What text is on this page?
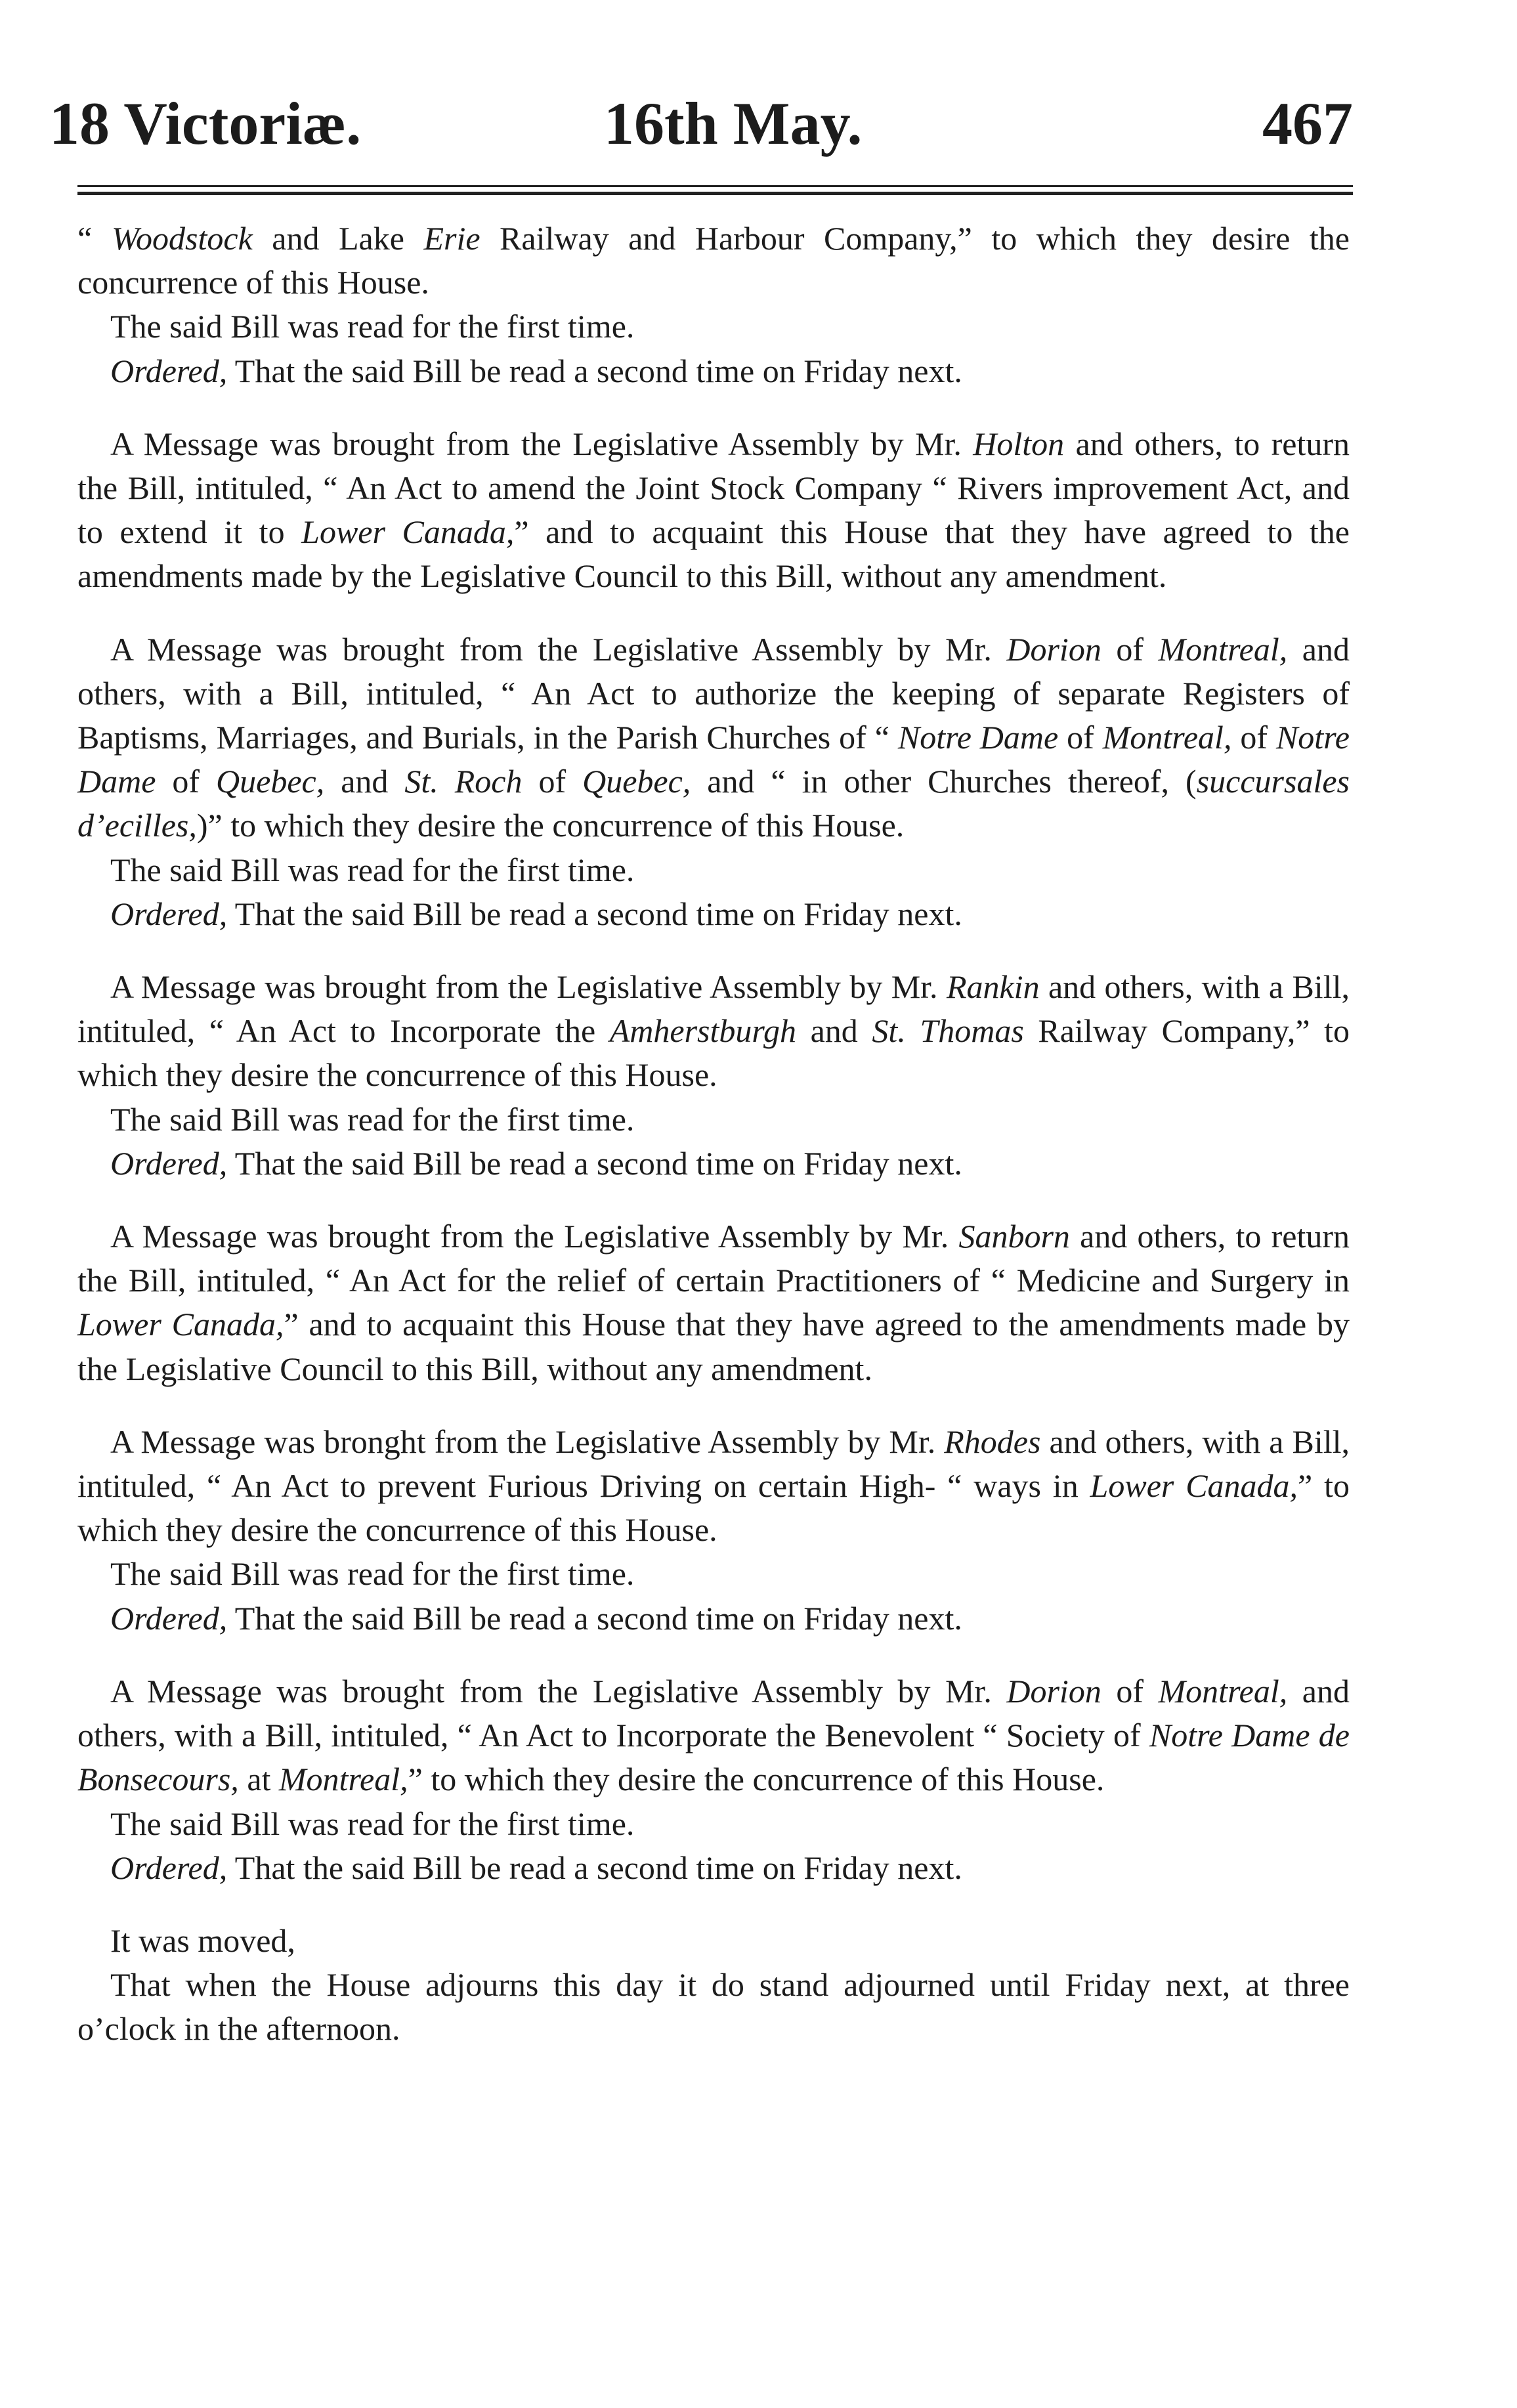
18 Victoriæ.	16th May.	467

“ Woodstock and Lake Erie Railway and Harbour Company,” to which they desire the concurrence of this House.

The said Bill was read for the first time.

Ordered, That the said Bill be read a second time on Friday next.

A Message was brought from the Legislative Assembly by Mr. Holton and others, to return the Bill, intituled, “ An Act to amend the Joint Stock Company “ Rivers improvement Act, and to extend it to Lower Canada,” and to acquaint this House that they have agreed to the amendments made by the Legislative Council to this Bill, without any amendment.

A Message was brought from the Legislative Assembly by Mr. Dorion of Montreal, and others, with a Bill, intituled, “ An Act to authorize the keeping of separate Registers of Baptisms, Marriages, and Burials, in the Parish Churches of “ Notre Dame of Montreal, of Notre Dame of Quebec, and St. Roch of Quebec, and “ in other Churches thereof, (succursales d’ecilles,)” to which they desire the concurrence of this House.

The said Bill was read for the first time.

Ordered, That the said Bill be read a second time on Friday next.

A Message was brought from the Legislative Assembly by Mr. Rankin and others, with a Bill, intituled, “ An Act to Incorporate the Amherstburgh and St. Thomas Railway Company,” to which they desire the concurrence of this House.

The said Bill was read for the first time.

Ordered, That the said Bill be read a second time on Friday next.

A Message was brought from the Legislative Assembly by Mr. Sanborn and others, to return the Bill, intituled, “ An Act for the relief of certain Practitioners of “ Medicine and Surgery in Lower Canada,” and to acquaint this House that they have agreed to the amendments made by the Legislative Council to this Bill, without any amendment.

A Message was bronght from the Legislative Assembly by Mr. Rhodes and others, with a Bill, intituled, “ An Act to prevent Furious Driving on certain High- “ ways in Lower Canada,” to which they desire the concurrence of this House.

The said Bill was read for the first time.

Ordered, That the said Bill be read a second time on Friday next.

A Message was brought from the Legislative Assembly by Mr. Dorion of Montreal, and others, with a Bill, intituled, “ An Act to Incorporate the Benevolent “ Society of Notre Dame de Bonsecours, at Montreal,” to which they desire the concurrence of this House.

The said Bill was read for the first time.

Ordered, That the said Bill be read a second time on Friday next.

It was moved,

That when the House adjourns this day it do stand adjourned until Friday next, at three o’clock in the afternoon.
